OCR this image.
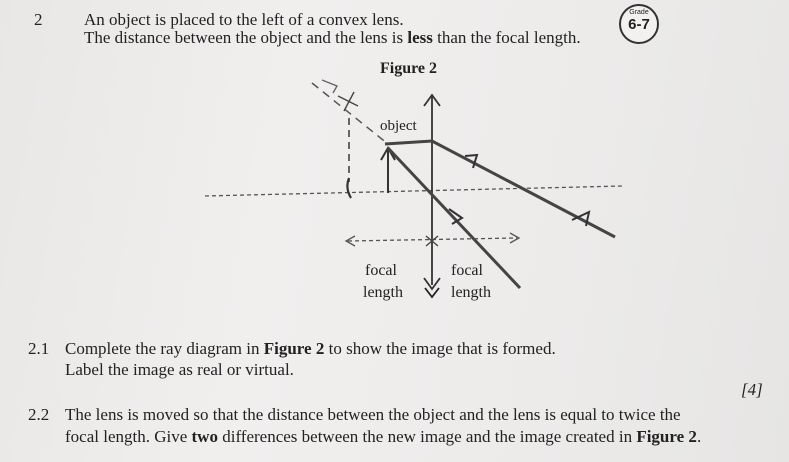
2 An object is placed to the left of a convex lens.
The distance between the object and the lens is less than the focal length.
Grade
6-7
Figure 2
object
focal
length
focal
length
2.1 Complete the ray diagram in Figure 2 to show the image that is formed.
Label the image as real or virtual.
[4]
2.2 The lens is moved so that the distance between the object and the lens is equal to twice the
focal length. Give two differences between the new image and the image created in Figure 2.
